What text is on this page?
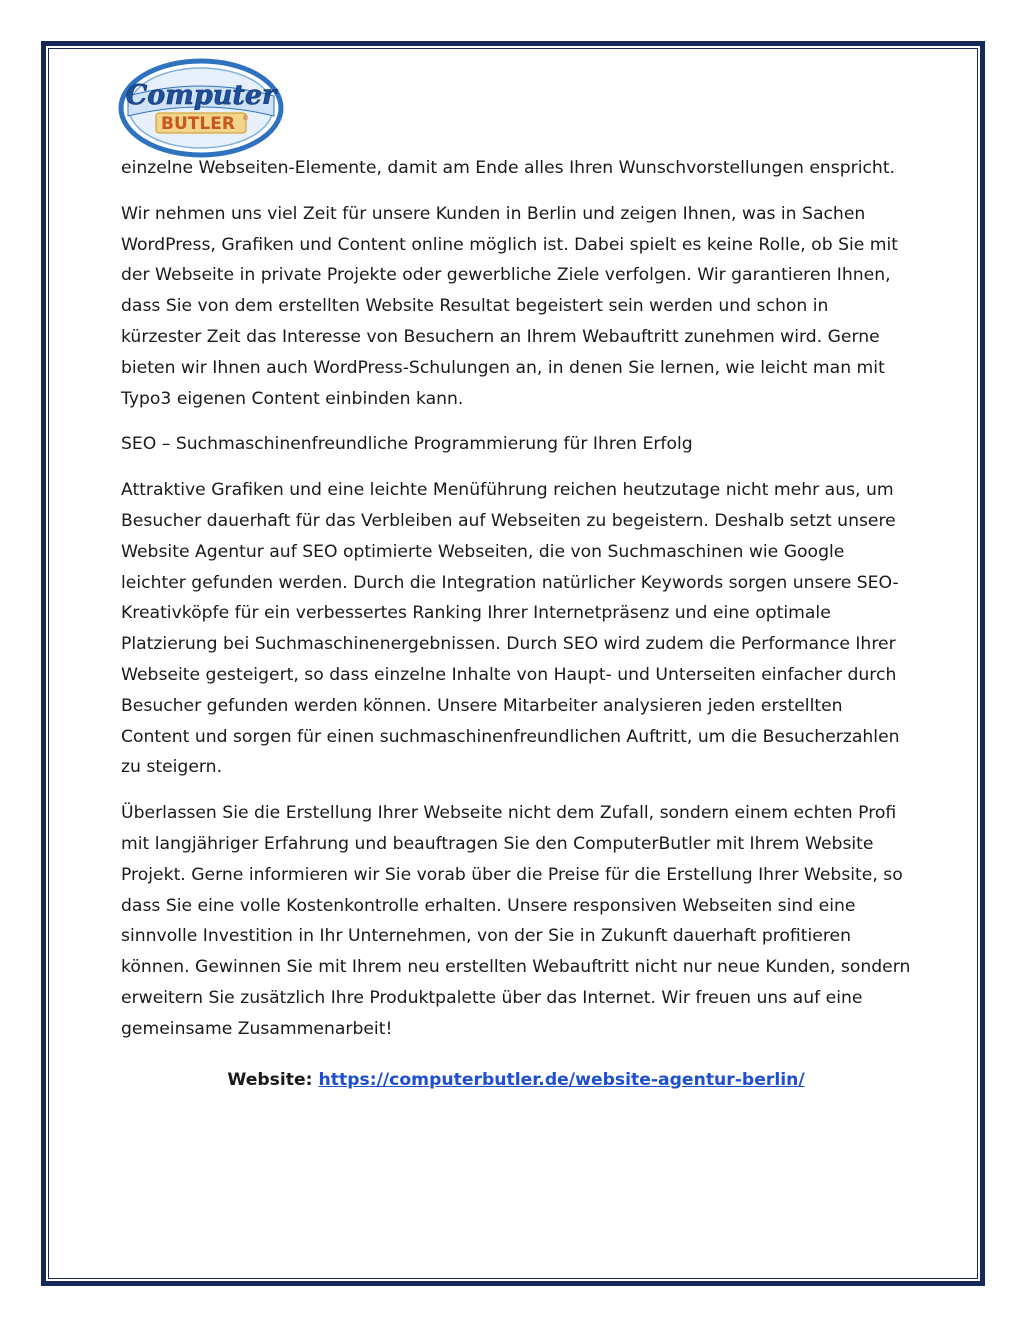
Computer
BUTLER ®

einzelne Webseiten-Elemente, damit am Ende alles Ihren Wunschvorstellungen enspricht.

Wir nehmen uns viel Zeit für unsere Kunden in Berlin und zeigen Ihnen, was in Sachen WordPress, Grafiken und Content online möglich ist. Dabei spielt es keine Rolle, ob Sie mit der Webseite in private Projekte oder gewerbliche Ziele verfolgen. Wir garantieren Ihnen, dass Sie von dem erstellten Website Resultat begeistert sein werden und schon in kürzester Zeit das Interesse von Besuchern an Ihrem Webauftritt zunehmen wird. Gerne bieten wir Ihnen auch WordPress-Schulungen an, in denen Sie lernen, wie leicht man mit Typo3 eigenen Content einbinden kann.

SEO – Suchmaschinenfreundliche Programmierung für Ihren Erfolg

Attraktive Grafiken und eine leichte Menüführung reichen heutzutage nicht mehr aus, um Besucher dauerhaft für das Verbleiben auf Webseiten zu begeistern. Deshalb setzt unsere Website Agentur auf SEO optimierte Webseiten, die von Suchmaschinen wie Google leichter gefunden werden. Durch die Integration natürlicher Keywords sorgen unsere SEO-Kreativköpfe für ein verbessertes Ranking Ihrer Internetpräsenz und eine optimale Platzierung bei Suchmaschinenergebnissen. Durch SEO wird zudem die Performance Ihrer Webseite gesteigert, so dass einzelne Inhalte von Haupt- und Unterseiten einfacher durch Besucher gefunden werden können. Unsere Mitarbeiter analysieren jeden erstellten Content und sorgen für einen suchmaschinenfreundlichen Auftritt, um die Besucherzahlen zu steigern.

Überlassen Sie die Erstellung Ihrer Webseite nicht dem Zufall, sondern einem echten Profi mit langjähriger Erfahrung und beauftragen Sie den ComputerButler mit Ihrem Website Projekt. Gerne informieren wir Sie vorab über die Preise für die Erstellung Ihrer Website, so dass Sie eine volle Kostenkontrolle erhalten. Unsere responsiven Webseiten sind eine sinnvolle Investition in Ihr Unternehmen, von der Sie in Zukunft dauerhaft profitieren können. Gewinnen Sie mit Ihrem neu erstellten Webauftritt nicht nur neue Kunden, sondern erweitern Sie zusätzlich Ihre Produktpalette über das Internet. Wir freuen uns auf eine gemeinsame Zusammenarbeit!

Website: https://computerbutler.de/website-agentur-berlin/
